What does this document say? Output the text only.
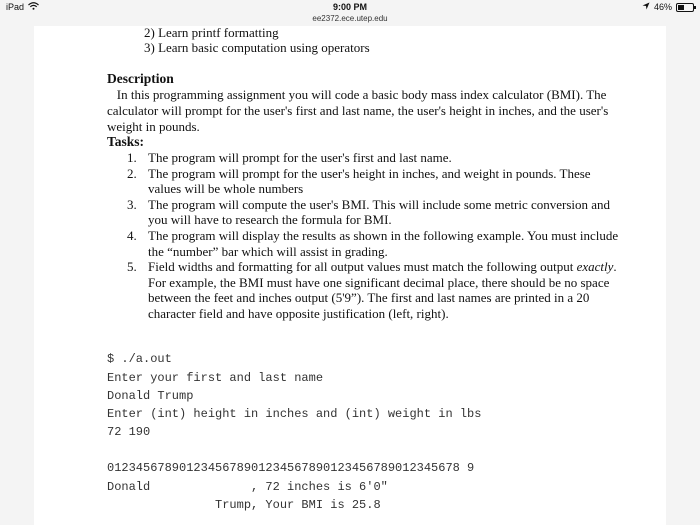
iPad	9:00 PM
ee2372.ece.utep.edu
46%
2) Learn printf formatting
3) Learn basic computation using operators
Description
In this programming assignment you will code a basic body mass index calculator (BMI). The calculator will prompt for the user's first and last name, the user's height in inches, and the user's weight in pounds.
Tasks:
1. The program will prompt for the user's first and last name.
2. The program will prompt for the user's height in inches, and weight in pounds. These values will be whole numbers
3. The program will compute the user's BMI. This will include some metric conversion and you will have to research the formula for BMI.
4. The program will display the results as shown in the following example. You must include the “number” bar which will assist in grading.
5. Field widths and formatting for all output values must match the following output exactly. For example, the BMI must have one significant decimal place, there should be no space between the feet and inches output (5'9”). The first and last names are printed in a 20 character field and have opposite justification (left, right).
$ ./a.out
Enter your first and last name
Donald Trump
Enter (int) height in inches and (int) weight in lbs
72 190
0123456789012345678901234567890123456789012345678 9
Donald              , 72 inches is 6'0"
Trump, Your BMI is 25.8
